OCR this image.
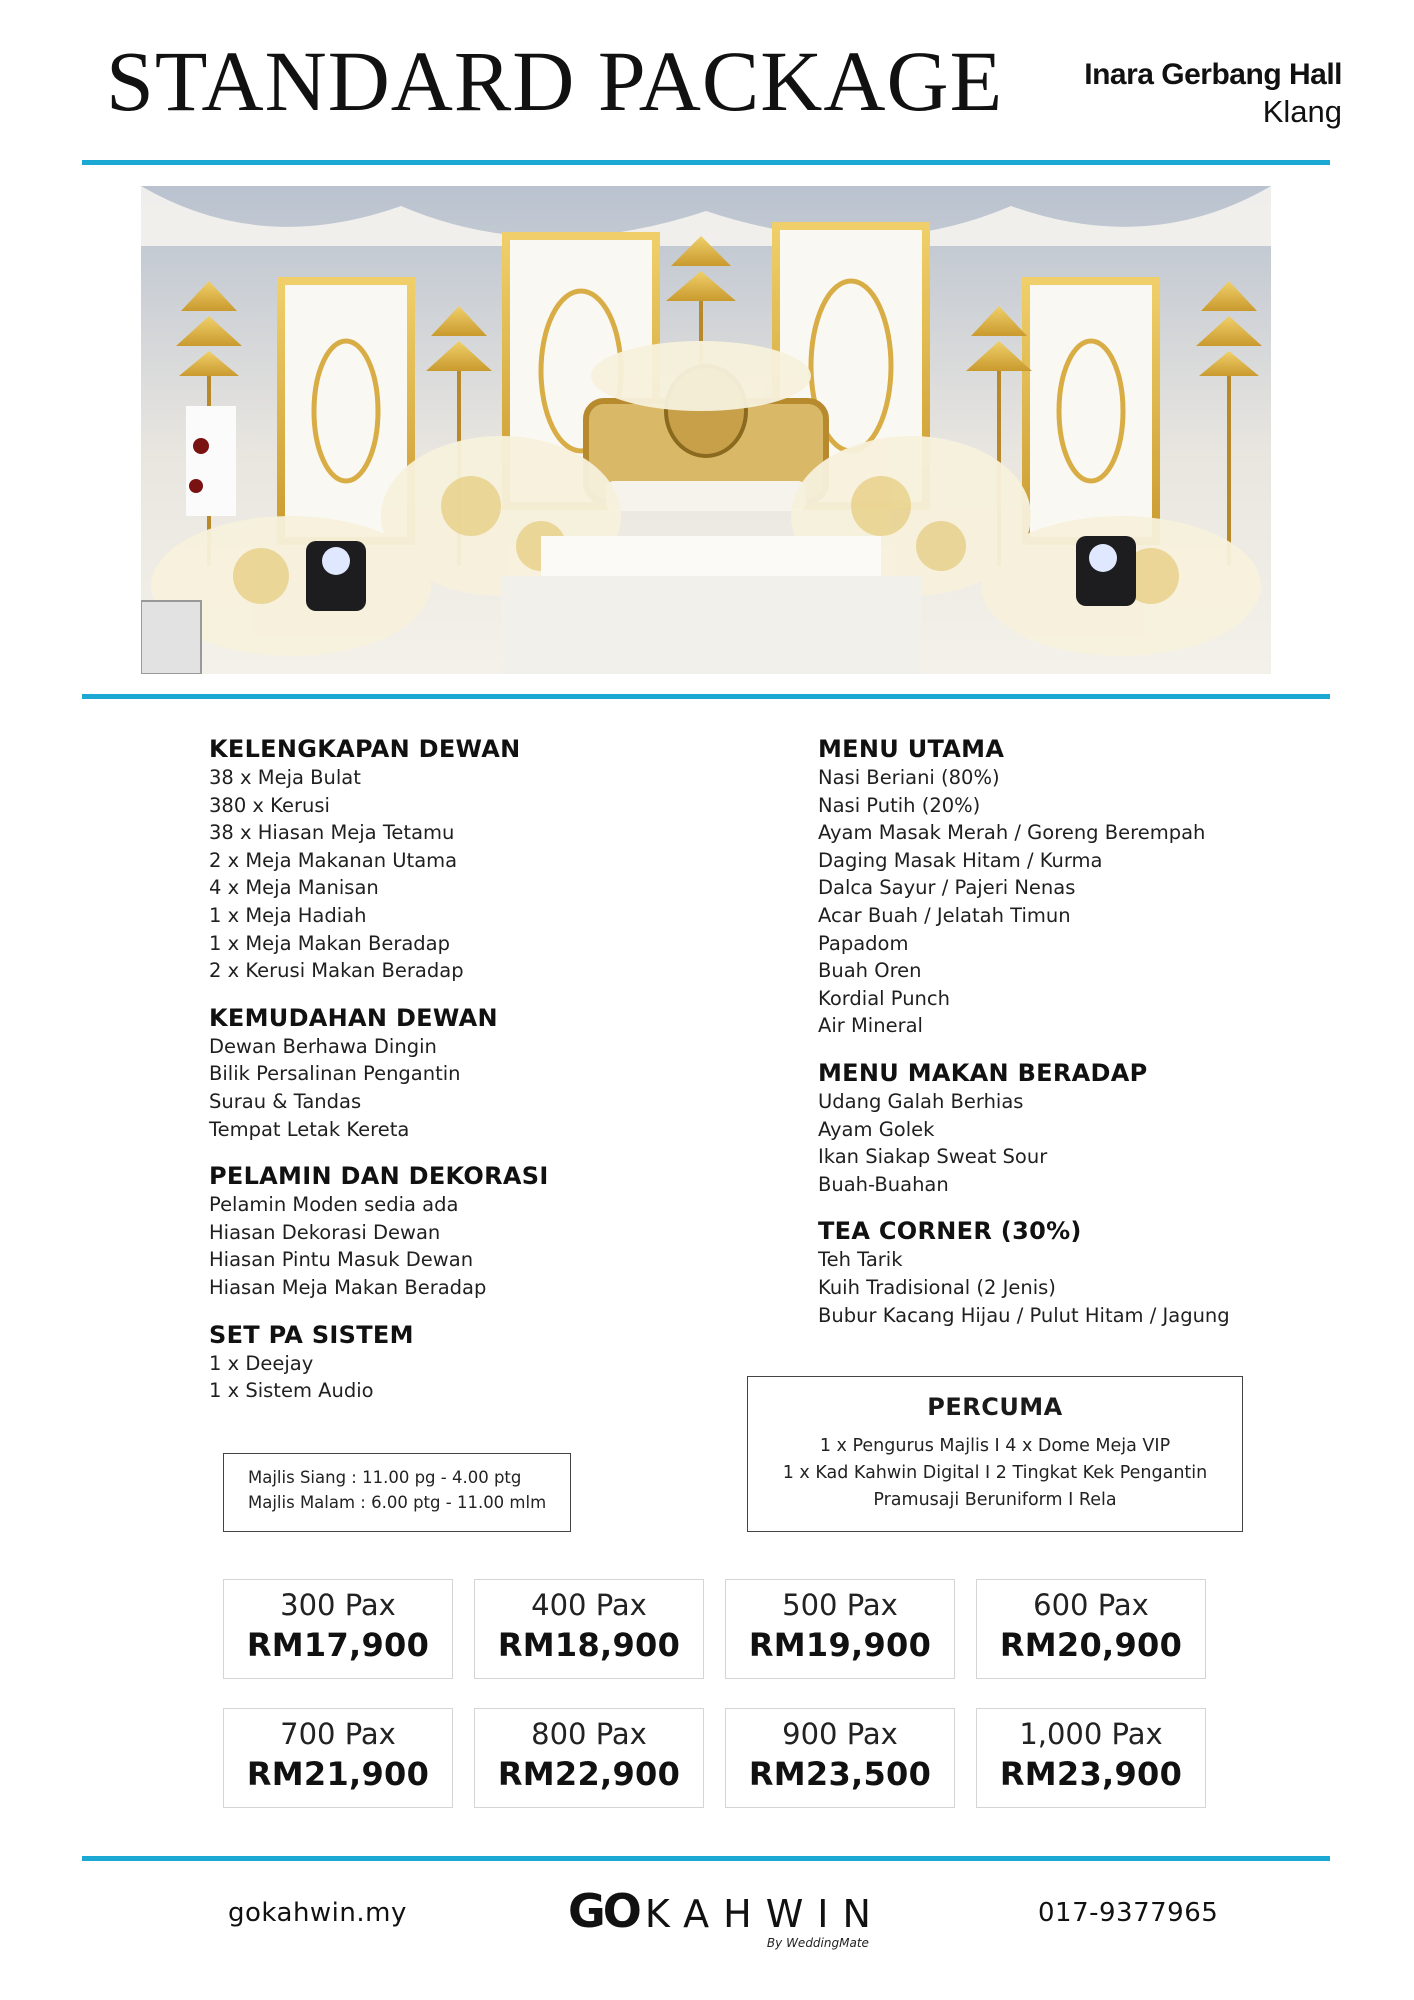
STANDARD PACKAGE	Inara Gerbang Hall
Klang
KELENGKAPAN DEWAN
38 x Meja Bulat
380 x Kerusi
38 x Hiasan Meja Tetamu
2 x Meja Makanan Utama
4 x Meja Manisan
1 x Meja Hadiah
1 x Meja Makan Beradap
2 x Kerusi Makan Beradap
KEMUDAHAN DEWAN
Dewan Berhawa Dingin
Bilik Persalinan Pengantin
Surau & Tandas
Tempat Letak Kereta
PELAMIN DAN DEKORASI
Pelamin Moden sedia ada
Hiasan Dekorasi Dewan
Hiasan Pintu Masuk Dewan
Hiasan Meja Makan Beradap
SET PA SISTEM
1 x Deejay
1 x Sistem Audio
MENU UTAMA
Nasi Beriani (80%)
Nasi Putih (20%)
Ayam Masak Merah / Goreng Berempah
Daging Masak Hitam / Kurma
Dalca Sayur / Pajeri Nenas
Acar Buah / Jelatah Timun
Papadom
Buah Oren
Kordial Punch
Air Mineral
MENU MAKAN BERADAP
Udang Galah Berhias
Ayam Golek
Ikan Siakap Sweat Sour
Buah-Buahan
TEA CORNER (30%)
Teh Tarik
Kuih Tradisional (2 Jenis)
Bubur Kacang Hijau / Pulut Hitam / Jagung
PERCUMA
1 x Pengurus Majlis I 4 x Dome Meja VIP
1 x Kad Kahwin Digital I 2 Tingkat Kek Pengantin
Pramusaji Beruniform I Rela
Majlis Siang : 11.00 pg - 4.00 ptg
Majlis Malam : 6.00 ptg - 11.00 mlm
300 Pax
RM17,900
400 Pax
RM18,900
500 Pax
RM19,900
600 Pax
RM20,900
700 Pax
RM21,900
800 Pax
RM22,900
900 Pax
RM23,500
1,000 Pax
RM23,900
gokahwin.my	GO KAHWIN
By WeddingMate
017-9377965
